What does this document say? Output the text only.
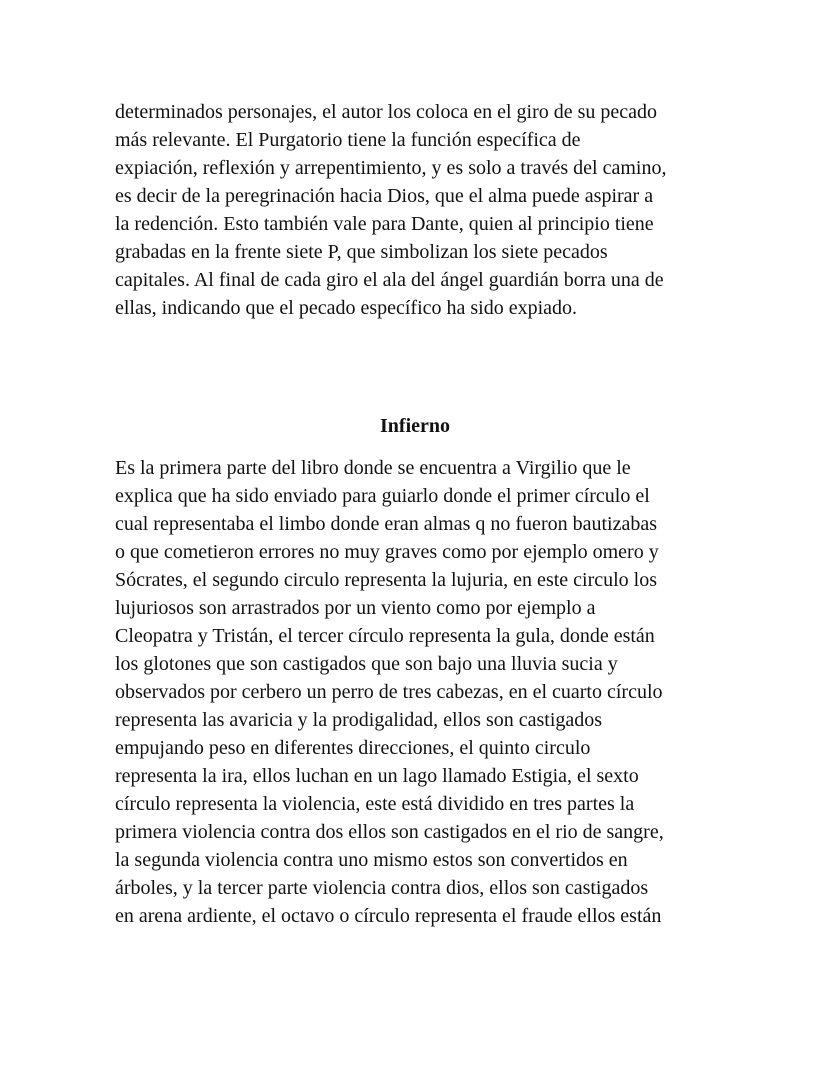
determinados personajes, el autor los coloca en el giro de su pecado
más relevante. El Purgatorio tiene la función específica de
expiación, reflexión y arrepentimiento, y es solo a través del camino,
es decir de la peregrinación hacia Dios, que el alma puede aspirar a
la redención. Esto también vale para Dante, quien al principio tiene
grabadas en la frente siete P, que simbolizan los siete pecados
capitales. Al final de cada giro el ala del ángel guardián borra una de
ellas, indicando que el pecado específico ha sido expiado.
Infierno
Es la primera parte del libro donde se encuentra a Virgilio que le
explica que ha sido enviado para guiarlo donde el primer círculo el
cual representaba el limbo donde eran almas q no fueron bautizabas
o que cometieron errores no muy graves como por ejemplo omero y
Sócrates, el segundo circulo representa la lujuria, en este circulo los
lujuriosos son arrastrados por un viento como por ejemplo a
Cleopatra y Tristán, el tercer círculo representa la gula, donde están
los glotones que son castigados que son bajo una lluvia sucia y
observados por cerbero un perro de tres cabezas, en el cuarto círculo
representa las avaricia y la prodigalidad, ellos son castigados
empujando peso en diferentes direcciones, el quinto circulo
representa la ira, ellos luchan en un lago llamado Estigia, el sexto
círculo representa la violencia, este está dividido en tres partes la
primera violencia contra dos ellos son castigados en el rio de sangre,
la segunda violencia contra uno mismo estos son convertidos en
árboles, y la tercer parte violencia contra dios, ellos son castigados
en arena ardiente, el octavo o círculo representa el fraude ellos están
